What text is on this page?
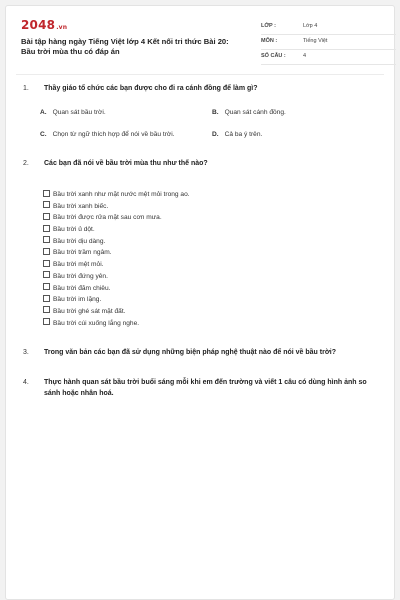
2048.vn
Bài tập hàng ngày Tiếng Việt lớp 4 Kết nối tri thức Bài 20: Bầu trời mùa thu có đáp án
LỚP :	Lớp 4
MÔN :	Tiếng Việt
SỐ CÂU :	4
1. Thầy giáo tổ chức các bạn được cho đi ra cánh đồng để làm gì?
A. Quan sát bầu trời.	B. Quan sát cánh đồng.
C. Chọn từ ngữ thích hợp để nói về bầu trời.	D. Cả ba ý trên.
2. Các bạn đã nói về bầu trời mùa thu như thế nào?
Bầu trời xanh như mặt nước mệt mỏi trong ao.
Bầu trời xanh biếc.
Bầu trời được rửa mặt sau cơn mưa.
Bầu trời ủ dột.
Bầu trời dịu dàng.
Bầu trời trầm ngâm.
Bầu trời mệt mỏi.
Bầu trời đứng yên.
Bầu trời đăm chiêu.
Bầu trời im lặng.
Bầu trời ghé sát mặt đất.
Bầu trời cúi xuống lắng nghe.
3. Trong văn bản các bạn đã sử dụng những biện pháp nghệ thuật nào để nói về bầu trời?
4. Thực hành quan sát bầu trời buổi sáng mỗi khi em đến trường và viết 1 câu có dùng hình ảnh so sánh hoặc nhân hoá.
